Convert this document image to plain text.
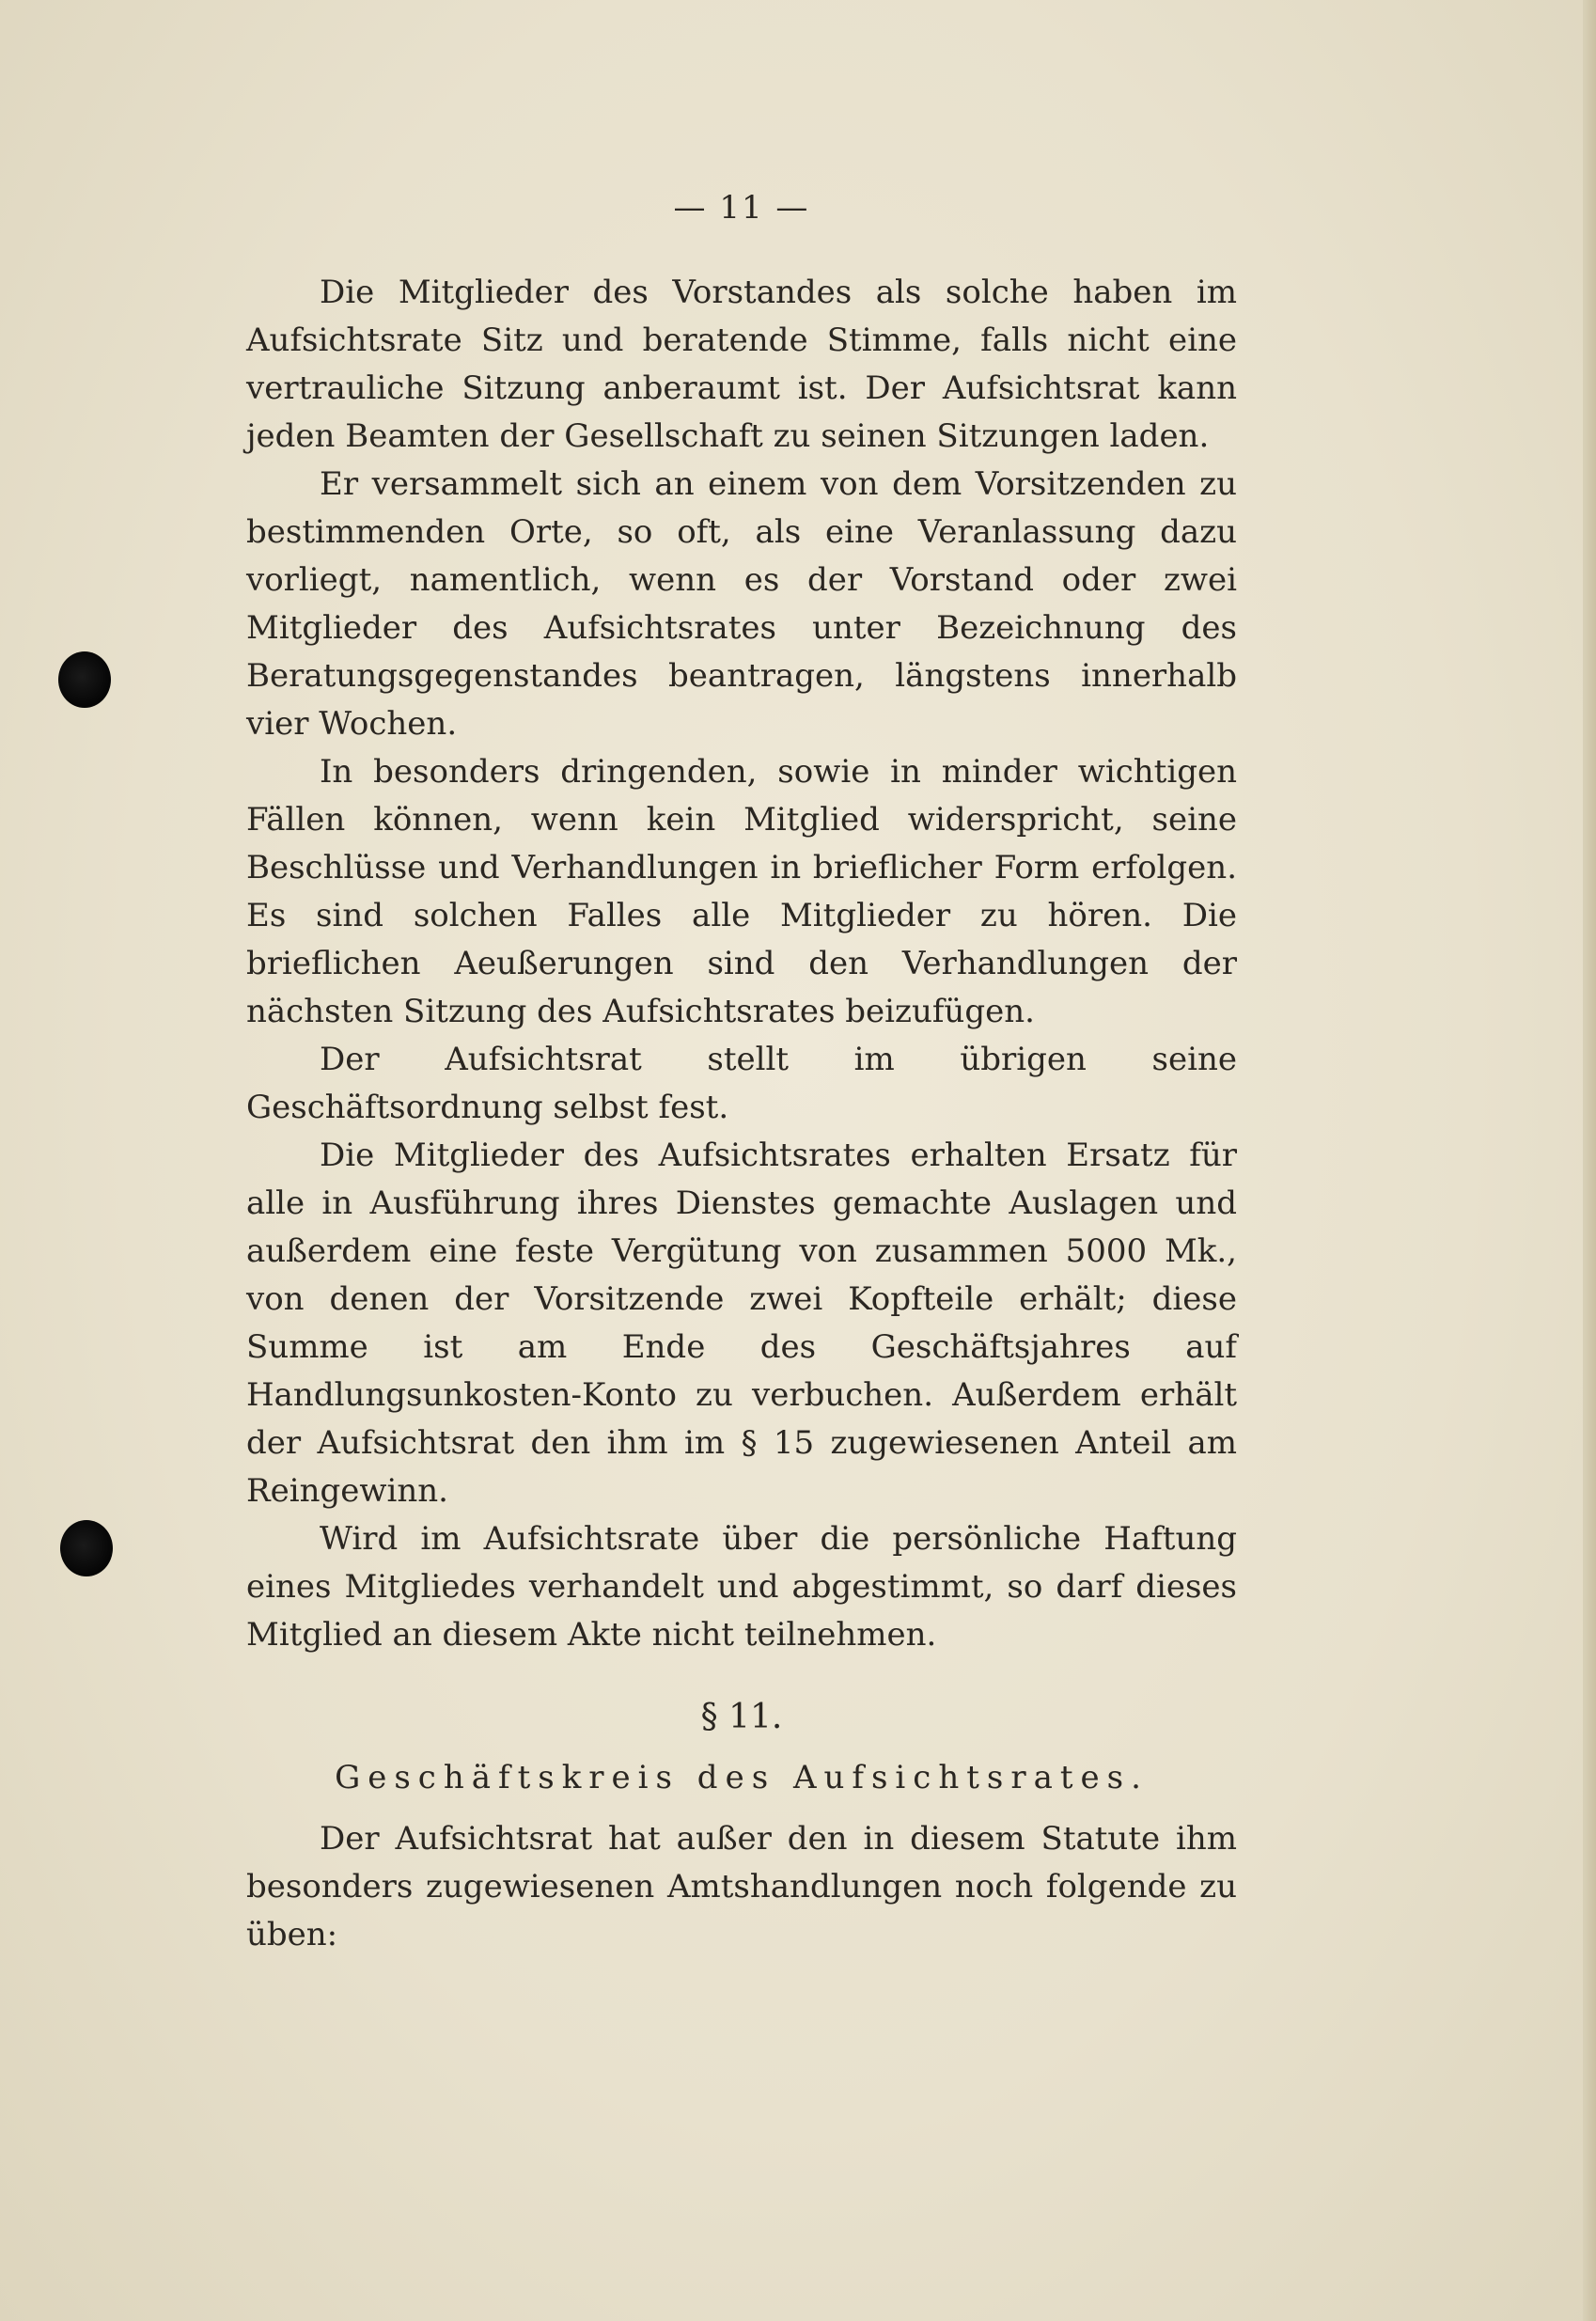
— 11 —

Die Mitglieder des Vorstandes als solche haben im Aufsichtsrate Sitz und beratende Stimme, falls nicht eine vertrauliche Sitzung anberaumt ist. Der Aufsichtsrat kann jeden Beamten der Gesellschaft zu seinen Sitzungen laden.

Er versammelt sich an einem von dem Vorsitzenden zu bestimmenden Orte, so oft, als eine Veranlassung dazu vorliegt, namentlich, wenn es der Vorstand oder zwei Mitglieder des Aufsichtsrates unter Bezeichnung des Beratungsgegenstandes beantragen, längstens innerhalb vier Wochen.

In besonders dringenden, sowie in minder wichtigen Fällen können, wenn kein Mitglied widerspricht, seine Beschlüsse und Verhandlungen in brieflicher Form erfolgen. Es sind solchen Falles alle Mitglieder zu hören. Die brieflichen Aeußerungen sind den Verhandlungen der nächsten Sitzung des Aufsichtsrates beizufügen.

Der Aufsichtsrat stellt im übrigen seine Geschäftsordnung selbst fest.

Die Mitglieder des Aufsichtsrates erhalten Ersatz für alle in Ausführung ihres Dienstes gemachte Auslagen und außerdem eine feste Vergütung von zusammen 5000 Mk., von denen der Vorsitzende zwei Kopfteile erhält; diese Summe ist am Ende des Geschäftsjahres auf Handlungsunkosten-Konto zu verbuchen. Außerdem erhält der Aufsichtsrat den ihm im § 15 zugewiesenen Anteil am Reingewinn.

Wird im Aufsichtsrate über die persönliche Haftung eines Mitgliedes verhandelt und abgestimmt, so darf dieses Mitglied an diesem Akte nicht teilnehmen.

§ 11.
Geschäftskreis des Aufsichtsrates.

Der Aufsichtsrat hat außer den in diesem Statute ihm besonders zugewiesenen Amtshandlungen noch folgende zu üben:
